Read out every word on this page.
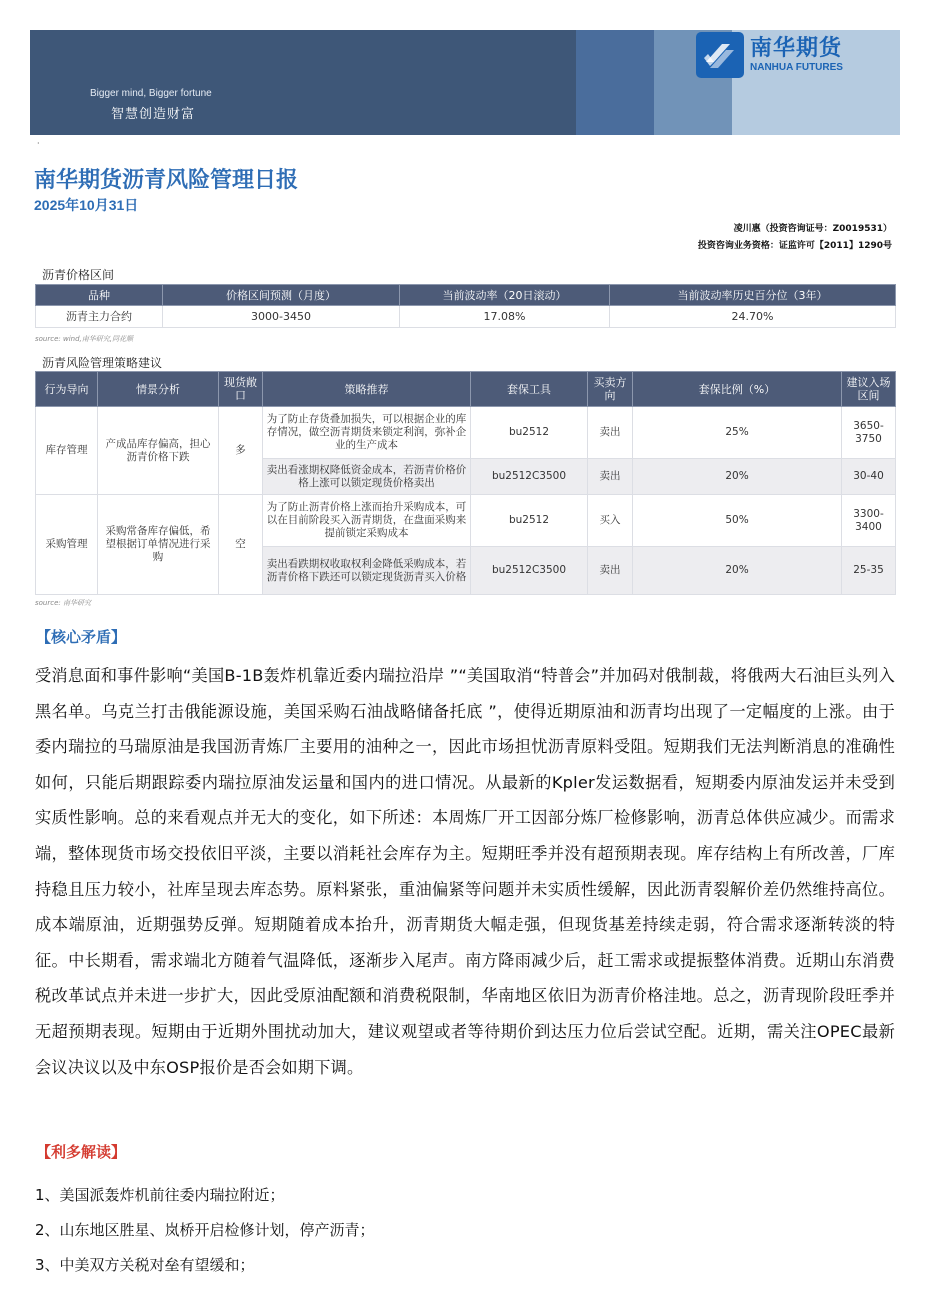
Bigger mind, Bigger fortune
智慧创造财富
南华期货
NANHUA FUTURES
·
南华期货沥青风险管理日报
2025年10月31日
凌川惠（投资咨询证号：Z0019531）
投资咨询业务资格：证监许可【2011】1290号
沥青价格区间
品种	价格区间预测（月度）	当前波动率（20日滚动）	当前波动率历史百分位（3年）
沥青主力合约	3000-3450	17.08%	24.70%
source: wind,南华研究,同花顺
沥青风险管理策略建议
行为导向	情景分析	现货敞口	策略推荐	套保工具	买卖方向	套保比例（%）	建议入场区间
库存管理	产成品库存偏高，担心沥青价格下跌	多	为了防止存货叠加损失，可以根据企业的库存情况，做空沥青期货来锁定利润，弥补企业的生产成本	bu2512	卖出	25%	3650-3750
			卖出看涨期权降低资金成本，若沥青价格价格上涨可以锁定现货价格卖出	bu2512C3500	卖出	20%	30-40
采购管理	采购常备库存偏低，希望根据订单情况进行采购	空	为了防止沥青价格上涨而抬升采购成本，可以在目前阶段买入沥青期货，在盘面采购来提前锁定采购成本	bu2512	买入	50%	3300-3400
			卖出看跌期权收取权利金降低采购成本，若沥青价格下跌还可以锁定现货沥青买入价格	bu2512C3500	卖出	20%	25-35
source: 南华研究
【核心矛盾】

受消息面和事件影响“美国B-1B轰炸机靠近委内瑞拉沿岸 ”“美国取消“特普会”并加码对俄制裁，将俄两大石油巨头列入黑名单。乌克兰打击俄能源设施，美国采购石油战略储备托底 ”，使得近期原油和沥青均出现了一定幅度的上涨。由于委内瑞拉的马瑞原油是我国沥青炼厂主要用的油种之一，因此市场担忧沥青原料受阻。短期我们无法判断消息的准确性如何，只能后期跟踪委内瑞拉原油发运量和国内的进口情况。从最新的Kpler发运数据看，短期委内原油发运并未受到实质性影响。总的来看观点并无大的变化，如下所述：本周炼厂开工因部分炼厂检修影响，沥青总体供应减少。而需求端，整体现货市场交投依旧平淡，主要以消耗社会库存为主。短期旺季并没有超预期表现。库存结构上有所改善，厂库持稳且压力较小，社库呈现去库态势。原料紧张，重油偏紧等问题并未实质性缓解，因此沥青裂解价差仍然维持高位。成本端原油，近期强势反弹。短期随着成本抬升，沥青期货大幅走强，但现货基差持续走弱，符合需求逐渐转淡的特征。中长期看，需求端北方随着气温降低，逐渐步入尾声。南方降雨减少后，赶工需求或提振整体消费。近期山东消费税改革试点并未进一步扩大，因此受原油配额和消费税限制，华南地区依旧为沥青价格洼地。总之，沥青现阶段旺季并无超预期表现。短期由于近期外围扰动加大，建议观望或者等待期价到达压力位后尝试空配。近期，需关注OPEC最新会议决议以及中东OSP报价是否会如期下调。

【利多解读】
1、美国派轰炸机前往委内瑞拉附近；
2、山东地区胜星、岚桥开启检修计划，停产沥青；
3、中美双方关税对垒有望缓和；
